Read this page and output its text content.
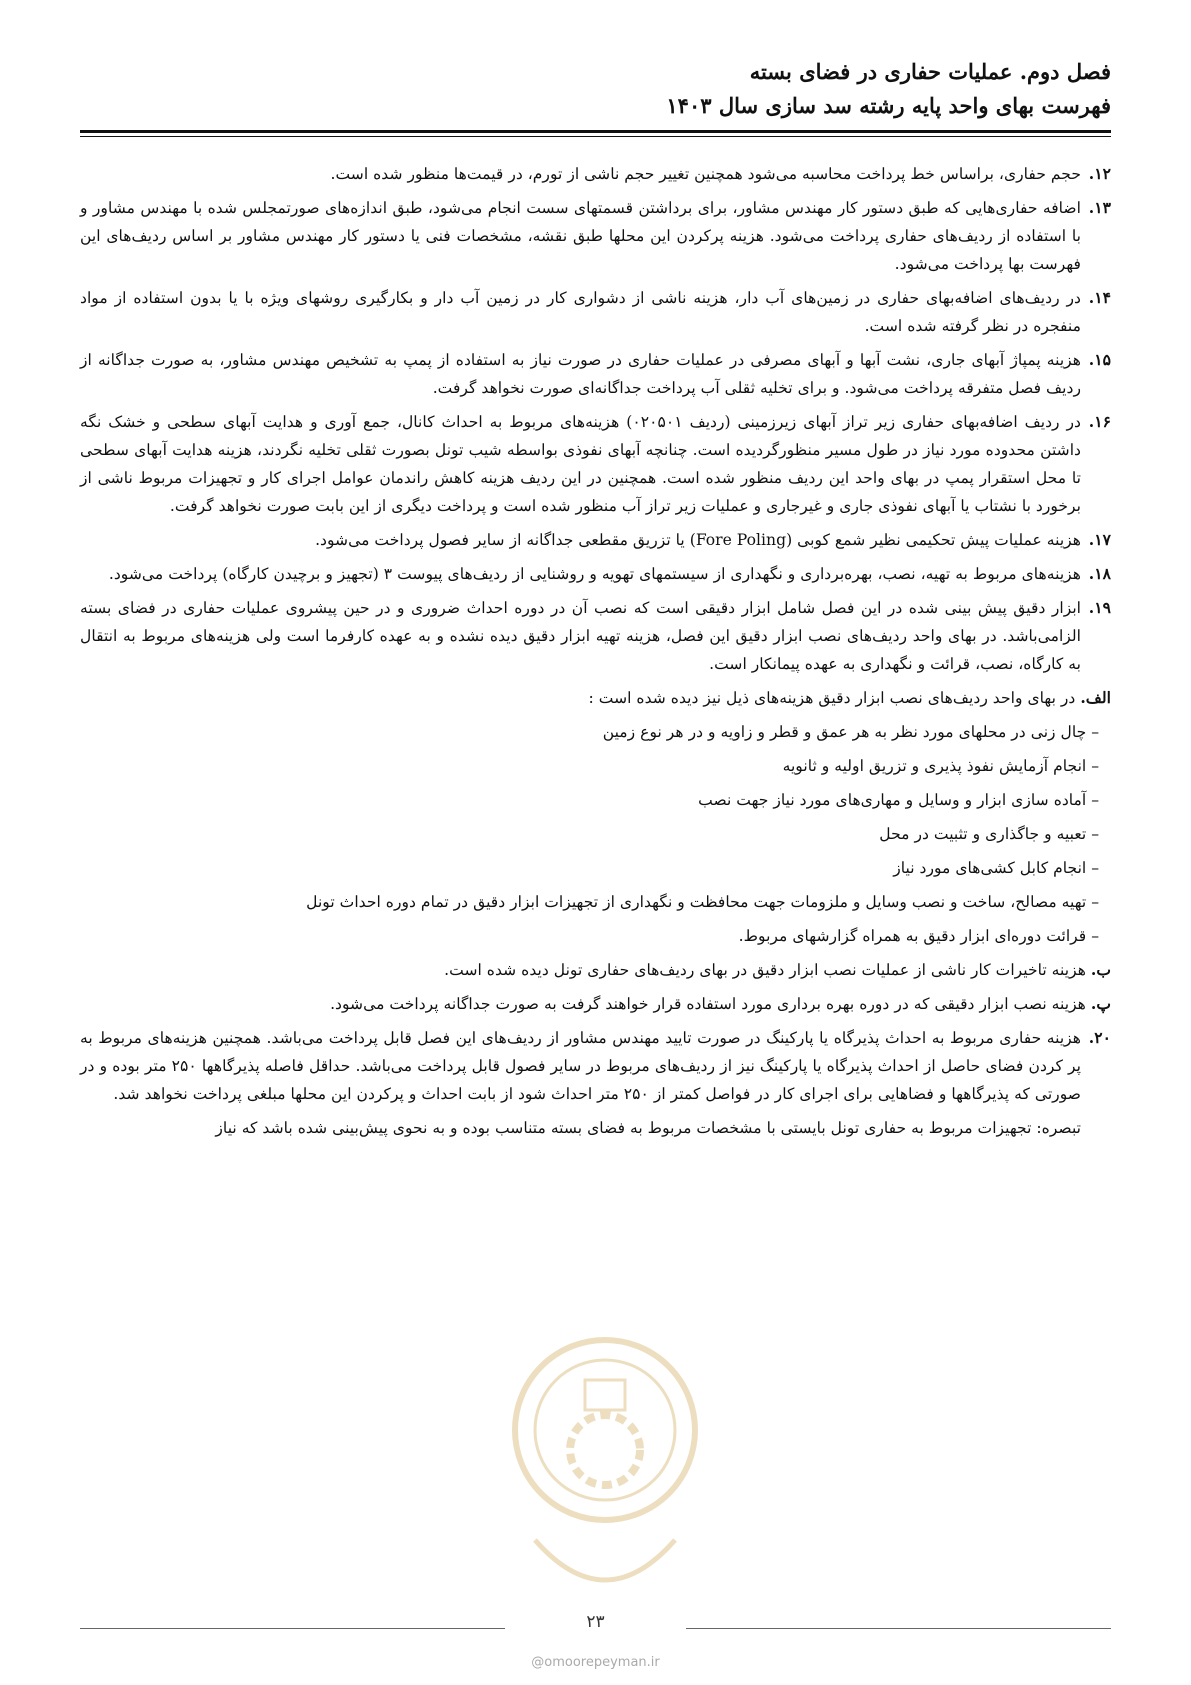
فصل دوم. عملیات حفاری در فضای بسته
فهرست بهای واحد پایه رشته سد سازی سال ۱۴۰۳
۱۲.
حجم حفاری، براساس خط پرداخت محاسبه می‌شود همچنین تغییر حجم ناشی از تورم، در قیمت‌ها منظور شده است.
۱۳.
اضافه حفاری‌هایی که طبق دستور کار مهندس مشاور، برای برداشتن قسمتهای سست انجام می‌شود، طبق اندازه‌های صورتمجلس شده با مهندس مشاور و با استفاده از ردیف‌های حفاری پرداخت می‌شود. هزینه پرکردن این محلها طبق نقشه، مشخصات فنی یا دستور کار مهندس مشاور بر اساس ردیف‌های این فهرست بها پرداخت می‌شود.
۱۴.
در ردیف‌های اضافه‌بهای حفاری در زمین‌های آب دار، هزینه ناشی از دشواری کار در زمین آب دار و بکارگیری روشهای ویژه با یا بدون استفاده از مواد منفجره در نظر گرفته شده است.
۱۵.
هزینه پمپاژ آبهای جاری، نشت آبها و آبهای مصرفی در عملیات حفاری در صورت نیاز به استفاده از پمپ به تشخیص مهندس مشاور، به صورت جداگانه از ردیف فصل متفرقه پرداخت می‌شود. و برای تخلیه ثقلی آب پرداخت جداگانه‌ای صورت نخواهد گرفت.
۱۶.
در ردیف اضافه‌بهای حفاری زیر تراز آبهای زیرزمینی (ردیف ۰۲۰۵۰۱) هزینه‌های مربوط به احداث کانال، جمع آوری و هدایت آبهای سطحی و خشک نگه داشتن محدوده مورد نیاز در طول مسیر منظورگردیده است. چنانچه آبهای نفوذی بواسطه شیب تونل بصورت ثقلی تخلیه نگردند، هزینه هدایت آبهای سطحی تا محل استقرار پمپ در بهای واحد این ردیف منظور شده است. همچنین در این ردیف هزینه کاهش راندمان عوامل اجرای کار و تجهیزات مربوط ناشی از برخورد با نشتاب یا آبهای نفوذی جاری و غیرجاری و عملیات زیر تراز آب منظور شده است و پرداخت دیگری از این بابت صورت نخواهد گرفت.
۱۷.
هزینه عملیات پیش تحکیمی نظیر شمع کوبی (Fore Poling) یا تزریق مقطعی جداگانه از سایر فصول پرداخت می‌شود.
۱۸.
هزینه‌های مربوط به تهیه، نصب، بهره‌برداری و نگهداری از سیستمهای تهویه و روشنایی از ردیف‌های پیوست ۳ (تجهیز و برچیدن کارگاه) پرداخت می‌شود.
۱۹.
ابزار دقیق پیش بینی شده در این فصل شامل ابزار دقیقی است که نصب آن در دوره احداث ضروری و در حین پیشروی عملیات حفاری در فضای بسته الزامی‌باشد. در بهای واحد ردیف‌های نصب ابزار دقیق این فصل، هزینه تهیه ابزار دقیق دیده نشده و به عهده کارفرما است ولی هزینه‌های مربوط به انتقال به کارگاه، نصب، قرائت و نگهداری به عهده پیمانکار است.
الف. در بهای واحد ردیف‌های نصب ابزار دقیق هزینه‌های ذیل نیز دیده شده است :
– چال زنی در محلهای مورد نظر به هر عمق و قطر و زاویه و در هر نوع زمین
– انجام آزمایش نفوذ پذیری و تزریق اولیه و ثانویه
– آماده سازی ابزار و وسایل و مهاری‌های مورد نیاز جهت نصب
– تعبیه و جاگذاری و تثبیت در محل
– انجام کابل کشی‌های مورد نیاز
– تهیه مصالح، ساخت و نصب وسایل و ملزومات جهت محافظت و نگهداری از تجهیزات ابزار دقیق در تمام دوره احداث تونل
– قرائت دوره‌ای ابزار دقیق به همراه گزارشهای مربوط.
ب. هزینه تاخیرات کار ناشی از عملیات نصب ابزار دقیق در بهای ردیف‌های حفاری تونل دیده شده است.
پ. هزینه نصب ابزار دقیقی که در دوره بهره برداری مورد استفاده قرار خواهند گرفت به صورت جداگانه پرداخت می‌شود.
۲۰.
هزینه حفاری مربوط به احداث پذیرگاه یا پارکینگ در صورت تایید مهندس مشاور از ردیف‌های این فصل قابل پرداخت می‌باشد. همچنین هزینه‌های مربوط به پر کردن فضای حاصل از احداث پذیرگاه یا پارکینگ نیز از ردیف‌های مربوط در سایر فصول قابل پرداخت می‌باشد. حداقل فاصله پذیرگاهها ۲۵۰ متر بوده و در صورتی که پذیرگاهها و فضاهایی برای اجرای کار در فواصل کمتر از ۲۵۰ متر احداث شود از بابت احداث و پرکردن این محلها مبلغی پرداخت نخواهد شد.
تبصره: تجهیزات مربوط به حفاری تونل بایستی با مشخصات مربوط به فضای بسته متناسب بوده و به نحوی پیش‌بینی شده باشد که نیاز
۲۳
@omoorepeyman.ir
